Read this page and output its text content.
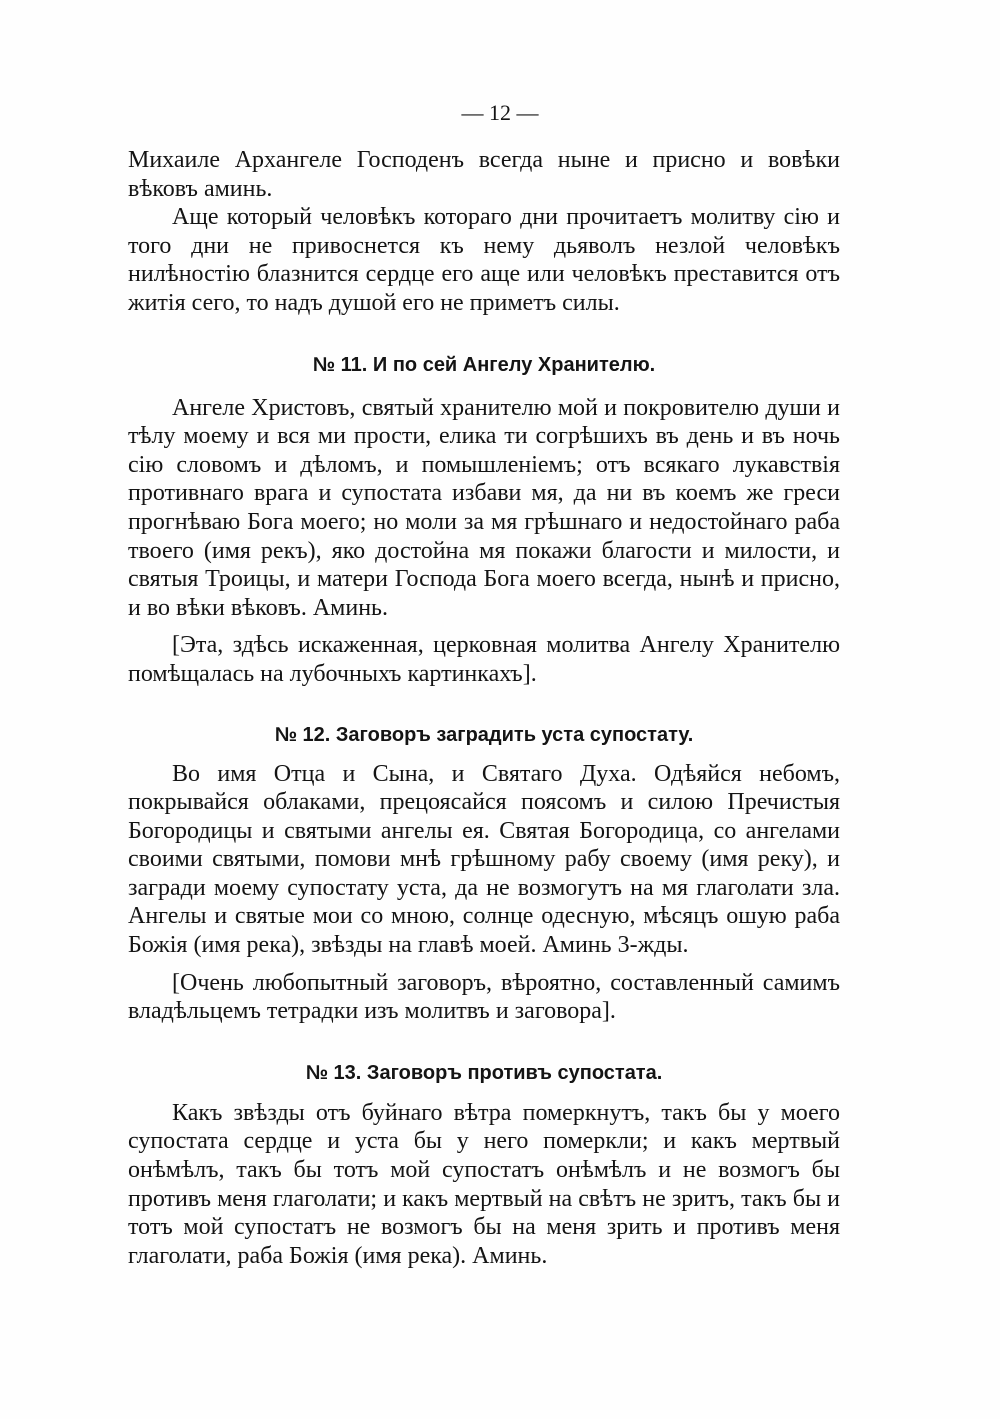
— 12 —

Михаиле Архангеле Господенъ всегда ныне и присно и вовѣки вѣковъ аминь.

Аще который человѣкъ котораго дни прочитаетъ молитву сію и того дни не привоснется къ нему дьяволъ незлой человѣкъ нилѣностію блазнится сердце его аще или человѣкъ преставится отъ житія сего, то надъ душой его не приметъ силы.

№ 11. И по сей Ангелу Хранителю.

Ангеле Христовъ, святый хранителю мой и покровителю души и тѣлу моему и вся ми прости, елика ти согрѣшихъ въ день и въ ночь сію словомъ и дѣломъ, и помышленіемъ; отъ всякаго лукавствія противнаго врага и супостата избави мя, да ни въ коемъ же греси прогнѣваю Бога моего; но моли за мя грѣшнаго и недостойнаго раба твоего (имя рекъ), яко достойна мя покажи благости и милости, и святыя Троицы, и матери Господа Бога моего всегда, нынѣ и присно, и во вѣки вѣковъ. Аминь.

[Эта, здѣсь искаженная, церковная молитва Ангелу Хранителю помѣщалась на лубочныхъ картинкахъ].

№ 12. Заговоръ заградить уста супостату.

Во имя Отца и Сына, и Святаго Духа. Одѣяйся небомъ, покрывайся облаками, прецоясайся поясомъ и силою Пречистыя Богородицы и святыми ангелы ея. Святая Богородица, со ангелами своими святыми, помови мнѣ грѣшному рабу своему (имя реку), и загради моему супостату уста, да не возмогутъ на мя глаголати зла. Ангелы и святые мои со мною, солнце одесную, мѣсяцъ ошую раба Божія (имя река), звѣзды на главѣ моей. Аминь 3-жды.

[Очень любопытный заговоръ, вѣроятно, составленный самимъ владѣльцемъ тетрадки изъ молитвъ и заговора].

№ 13. Заговоръ противъ супостата.

Какъ звѣзды отъ буйнаго вѣтра померкнутъ, такъ бы у моего супостата сердце и уста бы у него померкли; и какъ мертвый онѣмѣлъ, такъ бы тотъ мой супостатъ онѣмѣлъ и не возмогъ бы противъ меня глаголати; и какъ мертвый на свѣтъ не зритъ, такъ бы и тотъ мой супостатъ не возмогъ бы на меня зрить и противъ меня глаголати, раба Божія (имя река). Аминь.
